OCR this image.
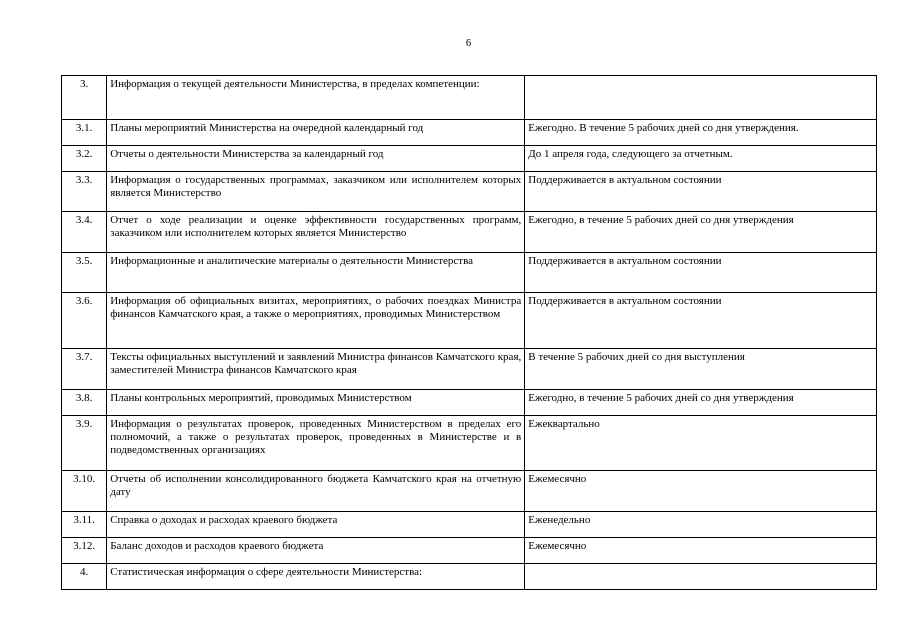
6
3.	Информация о текущей деятельности Министерства, в пределах компетенции:	
3.1.	Планы мероприятий Министерства на очередной календарный год	Ежегодно. В течение 5 рабочих дней со дня утверждения.
3.2.	Отчеты о деятельности Министерства за календарный год	До 1 апреля года, следующего за отчетным.
3.3.	Информация о государственных программах, заказчиком или исполнителем которых является Министерство	Поддерживается в актуальном состоянии
3.4.	Отчет о ходе реализации и оценке эффективности государственных программ, заказчиком или исполнителем которых является Министерство	Ежегодно, в течение 5 рабочих дней со дня утверждения
3.5.	Информационные и аналитические материалы о деятельности Министерства	Поддерживается в актуальном состоянии
3.6.	Информация об официальных визитах, мероприятиях, о рабочих поездках Министра финансов Камчатского края, а также о мероприятиях, проводимых Министерством	Поддерживается в актуальном состоянии
3.7.	Тексты официальных выступлений и заявлений Министра финансов Камчатского края, заместителей Министра финансов Камчатского края	В течение 5 рабочих дней со дня выступления
3.8.	Планы контрольных мероприятий, проводимых Министерством	Ежегодно, в течение 5 рабочих дней со дня утверждения
3.9.	Информация о результатах проверок, проведенных Министерством в пределах его полномочий, а также о результатах проверок, проведенных в Министерстве и в подведомственных организациях	Ежеквартально
3.10.	Отчеты об исполнении консолидированного бюджета Камчатского края на отчетную дату	Ежемесячно
3.11.	Справка о доходах и расходах краевого бюджета	Еженедельно
3.12.	Баланс доходов и расходов краевого бюджета	Ежемесячно
4.	Статистическая информация о сфере деятельности Министерства:	
